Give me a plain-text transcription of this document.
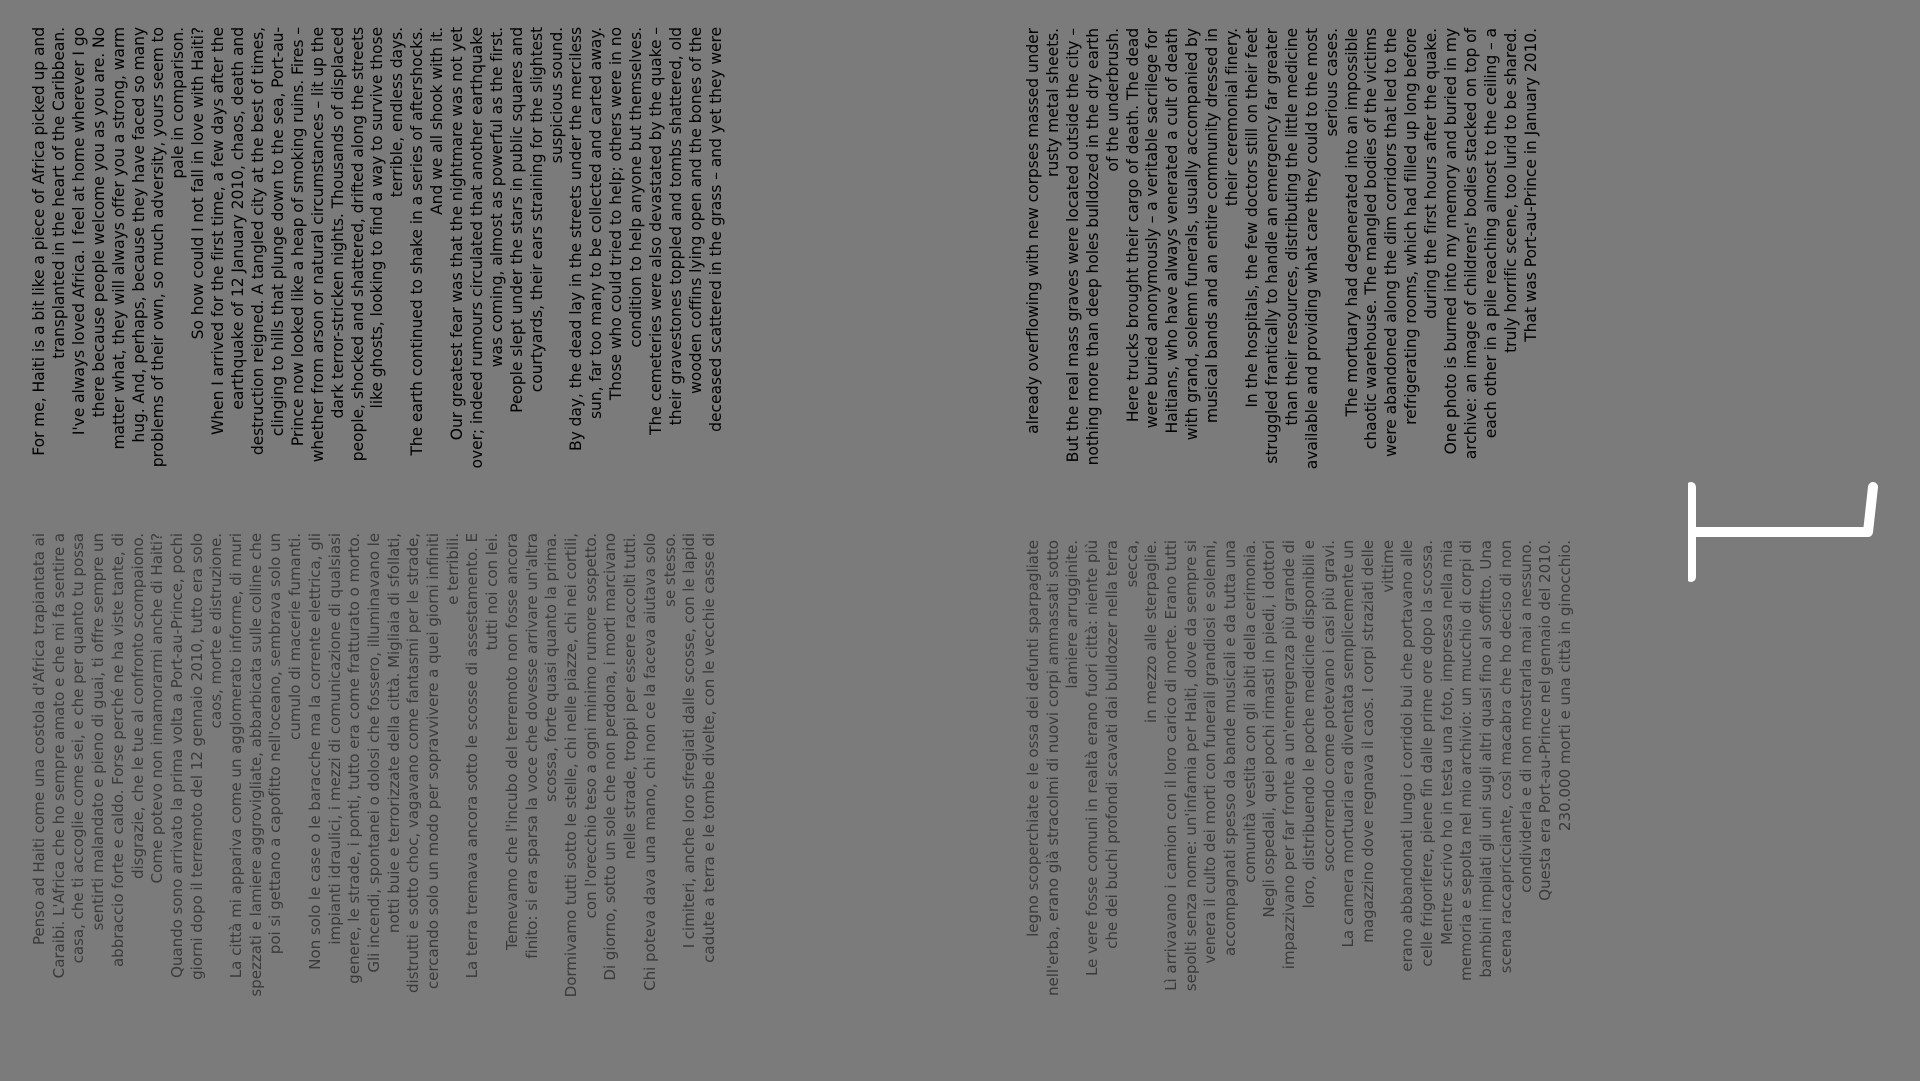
For me, Haiti is a bit like a piece of Africa picked up and transplanted in the heart of the Caribbean. I've always loved Africa. I feel at home wherever I go there because people welcome you as you are. No matter what, they will always offer you a strong, warm hug. And, perhaps, because they have faced so many problems of their own, so much adversity, yours seem to pale in comparison. So how could I not fall in love with Haiti? When I arrived for the first time, a few days after the earthquake of 12 January 2010, chaos, death and destruction reigned. A tangled city at the best of times, clinging to hills that plunge down to the sea, Port-au- Prince now looked like a heap of smoking ruins. Fires – whether from arson or natural circumstances – lit up the dark terror-stricken nights. Thousands of displaced people, shocked and shattered, drifted along the streets like ghosts, looking to find a way to survive those terrible, endless days. The earth continued to shake in a series of aftershocks. And we all shook with it. Our greatest fear was that the nightmare was not yet over; indeed rumours circulated that another earthquake was coming, almost as powerful as the first. People slept under the stars in public squares and courtyards, their ears straining for the slightest suspicious sound. By day, the dead lay in the streets under the merciless sun, far too many to be collected and carted away. Those who could tried to help; others were in no condition to help anyone but themselves. The cemeteries were also devastated by the quake – their gravestones toppled and tombs shattered, old wooden coffins lying open and the bones of the deceased scattered in the grass – and yet they were	already overflowing with new corpses massed under rusty metal sheets. But the real mass graves were located outside the city – nothing more than deep holes bulldozed in the dry earth of the underbrush. Here trucks brought their cargo of death. The dead were buried anonymously – a veritable sacrilege for Haitians, who have always venerated a cult of death with grand, solemn funerals, usually accompanied by musical bands and an entire community dressed in their ceremonial finery. In the hospitals, the few doctors still on their feet struggled frantically to handle an emergency far greater than their resources, distributing the little medicine available and providing what care they could to the most serious cases. The mortuary had degenerated into an impossible chaotic warehouse. The mangled bodies of the victims were abandoned along the dim corridors that led to the refrigerating rooms, which had filled up long before during the first hours after the quake. One photo is burned into my memory and buried in my archive: an image of childrens' bodies stacked on top of each other in a pile reaching almost to the ceiling – a truly horrific scene, too lurid to be shared. That was Port-au-Prince in January 2010.

Penso ad Haiti come una costola d'Africa trapiantata ai Caraibi. L'Africa che ho sempre amato e che mi fa sentire a casa, che ti accoglie come sei, e che per quanto tu possa sentirti malandato e pieno di guai, ti offre sempre un abbraccio forte e caldo. Forse perché ne ha viste tante, di disgrazie, che le tue al confronto scompaiono. Come potevo non innamorarmi anche di Haiti? Quando sono arrivato la prima volta a Port-au-Prince, pochi giorni dopo il terremoto del 12 gennaio 2010, tutto era solo caos, morte e distruzione. La città mi appariva come un agglomerato informe, di muri spezzati e lamiere aggrovigliate, abbarbicata sulle colline che poi si gettano a capofitto nell'oceano, sembrava solo un cumulo di macerie fumanti. Non solo le case o le baracche ma la corrente elettrica, gli impianti idraulici, i mezzi di comunicazione di qualsiasi genere, le strade, i ponti, tutto era come fratturato o morto. Gli incendi, spontanei o dolosi che fossero, illuminavano le notti buie e terrorizzate della città. Migliaia di sfollati, distrutti e sotto choc, vagavano come fantasmi per le strade, cercando solo un modo per sopravvivere a quei giorni infiniti e terribili. La terra tremava ancora sotto le scosse di assestamento. E tutti noi con lei. Temevamo che l'incubo del terremoto non fosse ancora finito: si era sparsa la voce che dovesse arrivare un'altra scossa, forte quasi quanto la prima. Dormivamo tutti sotto le stelle, chi nelle piazze, chi nei cortili, con l'orecchio teso a ogni minimo rumore sospetto. Di giorno, sotto un sole che non perdona, i morti marcivano nelle strade, troppi per essere raccolti tutti. Chi poteva dava una mano, chi non ce la faceva aiutava solo se stesso. I cimiteri, anche loro sfregiati dalle scosse, con le lapidi cadute a terra e le tombe divelte, con le vecchie casse di	legno scoperchiate e le ossa dei defunti sparpagliate nell'erba, erano già stracolmi di nuovi corpi ammassati sotto lamiere arrugginite. Le vere fosse comuni in realtà erano fuori città: niente più che dei buchi profondi scavati dai bulldozer nella terra secca, in mezzo alle sterpaglie. Lì arrivavano i camion con il loro carico di morte. Erano tutti sepolti senza nome: un'infamia per Haiti, dove da sempre si venera il culto dei morti con funerali grandiosi e solenni, accompagnati spesso da bande musicali e da tutta una comunità vestita con gli abiti della cerimonia. Negli ospedali, quei pochi rimasti in piedi, i dottori impazzivano per far fronte a un'emergenza più grande di loro, distribuendo le poche medicine disponibili e soccorrendo come potevano i casi più gravi. La camera mortuaria era diventata semplicemente un magazzino dove regnava il caos. I corpi straziati delle vittime erano abbandonati lungo i corridoi bui che portavano alle celle frigorifere, piene fin dalle prime ore dopo la scossa. Mentre scrivo ho in testa una foto, impressa nella mia memoria e sepolta nel mio archivio: un mucchio di corpi di bambini impilati gli uni sugli altri quasi fino al soffitto. Una scena raccapricciante, così macabra che ho deciso di non condividerla e di non mostrarla mai a nessuno. Questa era Port-au-Prince nel gennaio del 2010. 230.000 morti e una città in ginocchio.
